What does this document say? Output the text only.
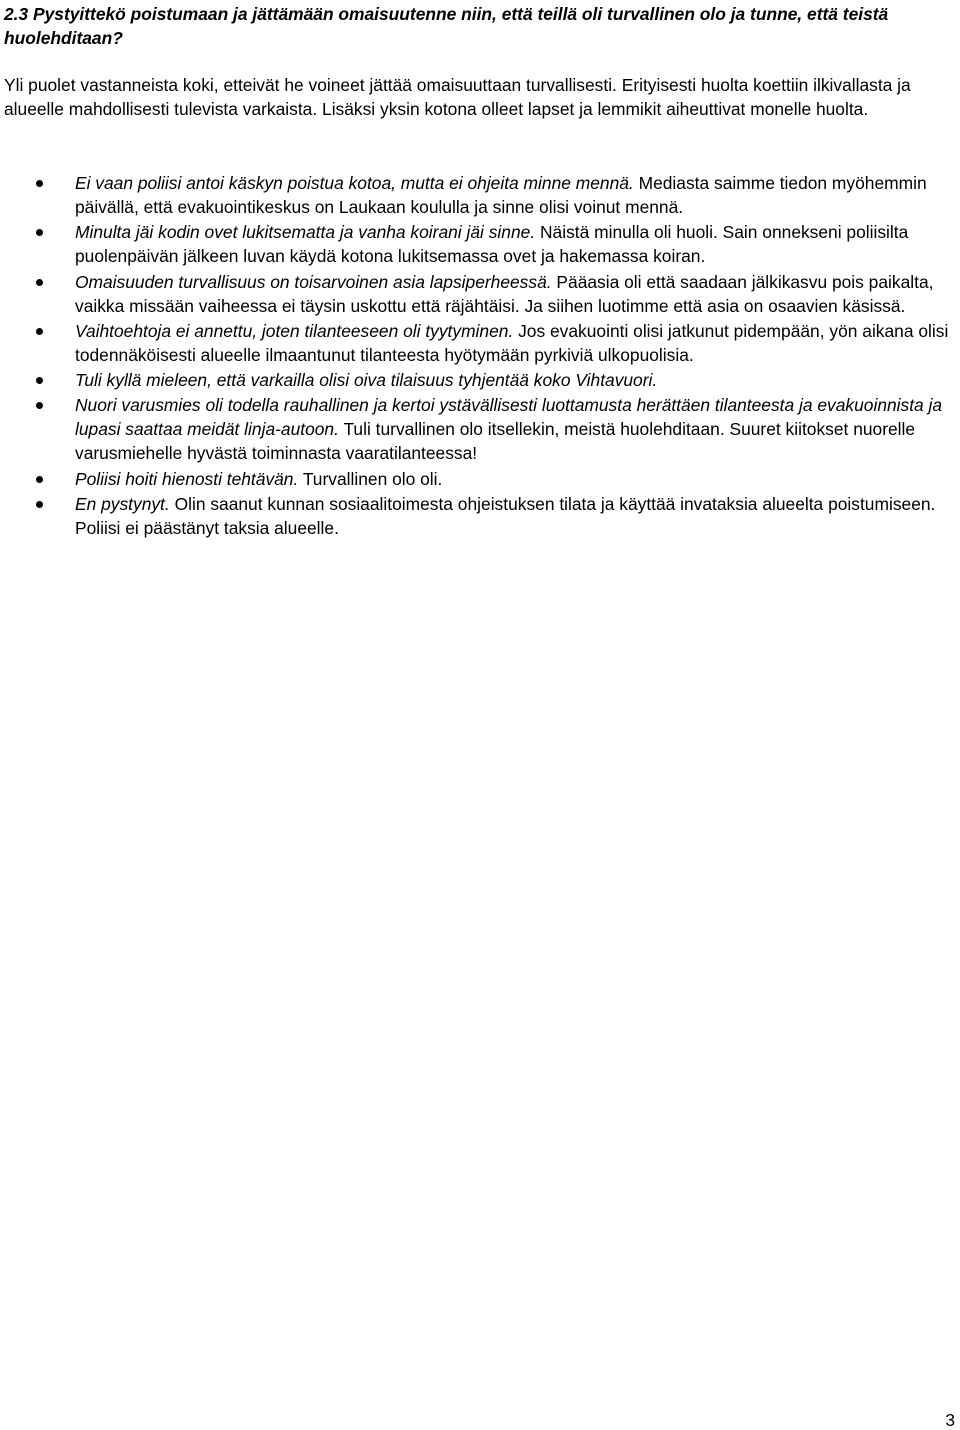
2.3 Pystyittekö poistumaan ja jättämään omaisuutenne niin, että teillä oli turvallinen olo ja tunne, että teistä huolehditaan?

Yli puolet vastanneista koki, etteivät he voineet jättää omaisuuttaan turvallisesti. Erityisesti huolta koettiin ilkivallasta ja alueelle mahdollisesti tulevista varkaista. Lisäksi yksin kotona olleet lapset ja lemmikit aiheuttivat monelle huolta.

Ei vaan poliisi antoi käskyn poistua kotoa, mutta ei ohjeita minne mennä. Mediasta saimme tiedon myöhemmin päivällä, että evakuointikeskus on Laukaan koululla ja sinne olisi voinut mennä.
Minulta jäi kodin ovet lukitsematta ja vanha koirani jäi sinne. Näistä minulla oli huoli. Sain onnekseni poliisilta puolenpäivän jälkeen luvan käydä kotona lukitsemassa ovet ja hakemassa koiran.
Omaisuuden turvallisuus on toisarvoinen asia lapsiperheessä. Pääasia oli että saadaan jälkikasvu pois paikalta, vaikka missään vaiheessa ei täysin uskottu että räjähtäisi. Ja siihen luotimme että asia on osaavien käsissä.
Vaihtoehtoja ei annettu, joten tilanteeseen oli tyytyminen. Jos evakuointi olisi jatkunut pidempään, yön aikana olisi todennäköisesti alueelle ilmaantunut tilanteesta hyötymään pyrkiviä ulkopuolisia.
Tuli kyllä mieleen, että varkailla olisi oiva tilaisuus tyhjentää koko Vihtavuori.
Nuori varusmies oli todella rauhallinen ja kertoi ystävällisesti luottamusta herättäen tilanteesta ja evakuoinnista ja lupasi saattaa meidät linja-autoon. Tuli turvallinen olo itsellekin, meistä huolehditaan. Suuret kiitokset nuorelle varusmiehelle hyvästä toiminnasta vaaratilanteessa!
Poliisi hoiti hienosti tehtävän. Turvallinen olo oli.
En pystynyt. Olin saanut kunnan sosiaalitoimesta ohjeistuksen tilata ja käyttää invataksia alueelta poistumiseen. Poliisi ei päästänyt taksia alueelle.
3
